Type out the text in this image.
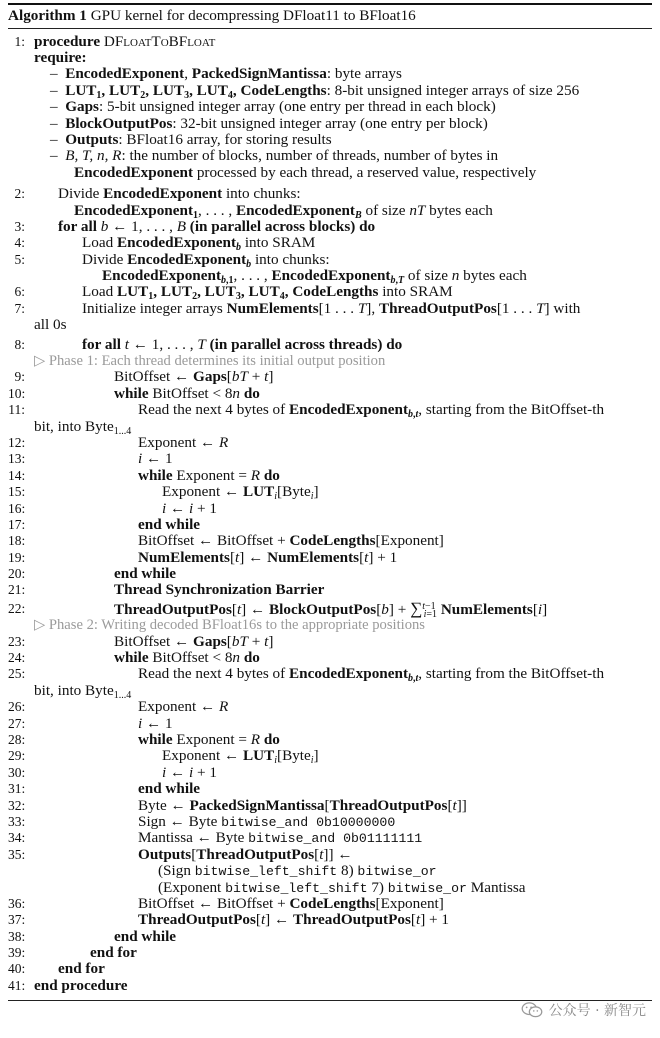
Algorithm 1 GPU kernel for decompressing DFloat11 to BFloat16
1: procedure DFloatToBFloat
require:
–  EncodedExponent, PackedSignMantissa: byte arrays
–  $LUT_1$, $LUT_2$, $LUT_3$, $LUT_4$, CodeLengths: 8-bit unsigned integer arrays of size 256
–  Gaps: 5-bit unsigned integer array (one entry per thread in each block)
–  BlockOutputPos: 32-bit unsigned integer array (one entry per block)
–  Outputs: BFloat16 array, for storing results
–  B, T, n, R: the number of blocks, number of threads, number of bytes in
EncodedExponent processed by each thread, a reserved value, respectively
2: Divide EncodedExponent into chunks:
EncodedExponent$_1$, . . . , EncodedExponent$_B$ of size nT bytes each
3: for all b ← 1, . . . , B (in parallel across blocks) do
4:	Load EncodedExponent$_b$ into SRAM
5:	Divide EncodedExponent$_b$ into chunks:
EncodedExponent$_{b,1}$, . . . , EncodedExponent$_{b,T}$ of size n bytes each
6:	Load $LUT_1$, $LUT_2$, $LUT_3$, $LUT_4$, CodeLengths into SRAM
7:	Initialize integer arrays NumElements[1 . . . T], ThreadOutputPos[1 . . . T] with
all 0s
8:	for all t ← 1, . . . , T (in parallel across threads) do
▷ Phase 1: Each thread determines its initial output position
9:	BitOffset ← Gaps[bT + t]
10:	while BitOffset < 8n do
11:	Read the next 4 bytes of EncodedExponent$_{b,t}$, starting from the BitOffset-th
bit, into Byte$_{1...4}$
12:	Exponent ← R
13:	i ← 1
14:	while Exponent = R do
15:	Exponent ← $LUT_i[Byte_i]$
16:	i ← i + 1
17:	end while
18:	BitOffset ← BitOffset + CodeLengths[Exponent]
19:	NumElements[t] ← NumElements[t] + 1
20:	end while
21:	Thread Synchronization Barrier
22:	ThreadOutputPos[t] ← BlockOutputPos[b] + ∑$^{t-1}_{i=1}$ NumElements[i]
▷ Phase 2: Writing decoded BFloat16s to the appropriate positions
23:	BitOffset ← Gaps[bT + t]
24:	while BitOffset < 8n do
25:	Read the next 4 bytes of EncodedExponent$_{b,t}$, starting from the BitOffset-th
bit, into Byte$_{1...4}$
26:	Exponent ← R
27:	i ← 1
28:	while Exponent = R do
29:	Exponent ← $LUT_i[Byte_i]$
30:	i ← i + 1
31:	end while
32:	Byte ← PackedSignMantissa[ThreadOutputPos[t]]
33:	Sign ← Byte bitwise_and 0b10000000
34:	Mantissa ← Byte bitwise_and 0b01111111
35:	Outputs[ThreadOutputPos[t]] ←
(Sign bitwise_left_shift 8) bitwise_or
(Exponent bitwise_left_shift 7) bitwise_or Mantissa
36:	BitOffset ← BitOffset + CodeLengths[Exponent]
37:	ThreadOutputPos[t] ← ThreadOutputPos[t] + 1
38:	end while
39:	end for
40: end for
41: end procedure
公众号 · 新智元
